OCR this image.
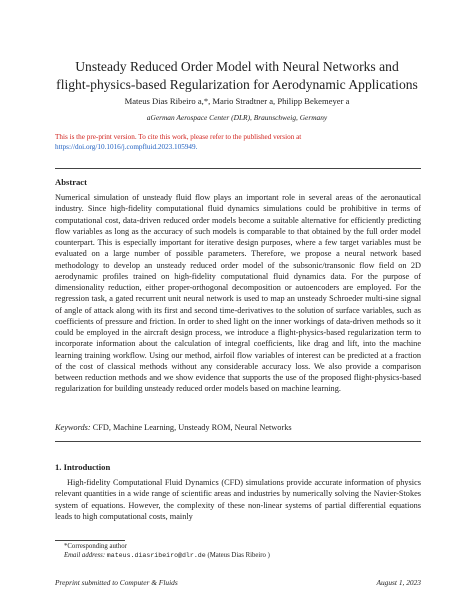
Unsteady Reduced Order Model with Neural Networks and
flight-physics-based Regularization for Aerodynamic Applications
Mateus Dias Ribeiro a,*, Mario Stradtner a, Philipp Bekemeyer a
aGerman Aerospace Center (DLR), Braunschweig, Germany
This is the pre-print version. To cite this work, please refer to the published version at https://doi.org/10.1016/j.compfluid.2023.105949.
Abstract

Numerical simulation of unsteady fluid flow plays an important role in several areas of the aeronautical industry. Since high-fidelity computational fluid dynamics simulations could be prohibitive in terms of computational cost, data-driven reduced order models become a suitable alternative for efficiently predicting flow variables as long as the accuracy of such models is comparable to that obtained by the full order model counterpart. This is especially important for iterative design purposes, where a few target variables must be evaluated on a large number of possible parameters. Therefore, we propose a neural network based methodology to develop an unsteady reduced order model of the subsonic/transonic flow field on 2D aerodynamic profiles trained on high-fidelity computational fluid dynamics data. For the purpose of dimensionality reduction, either proper-orthogonal decomposition or autoencoders are employed. For the regression task, a gated recurrent unit neural network is used to map an unsteady Schroeder multi-sine signal of angle of attack along with its first and second time-derivatives to the solution of surface variables, such as coefficients of pressure and friction. In order to shed light on the inner workings of data-driven methods so it could be employed in the aircraft design process, we introduce a flight-physics-based regularization term to incorporate information about the calculation of integral coefficients, like drag and lift, into the machine learning training workflow. Using our method, airfoil flow variables of interest can be predicted at a fraction of the cost of classical methods without any considerable accuracy loss. We also provide a comparison between reduction methods and we show evidence that supports the use of the proposed flight-physics-based regularization for building unsteady reduced order models based on machine learning.

Keywords: CFD, Machine Learning, Unsteady ROM, Neural Networks
1. Introduction

High-fidelity Computational Fluid Dynamics (CFD) simulations provide accurate information of physics relevant quantities in a wide range of scientific areas and industries by numerically solving the Navier-Stokes system of equations. However, the complexity of these non-linear systems of partial differential equations leads to high computational costs, mainly

*Corresponding author
Email address: mateus.diasribeiro@dlr.de (Mateus Dias Ribeiro )
Preprint submitted to Computer & Fluids	August 1, 2023
